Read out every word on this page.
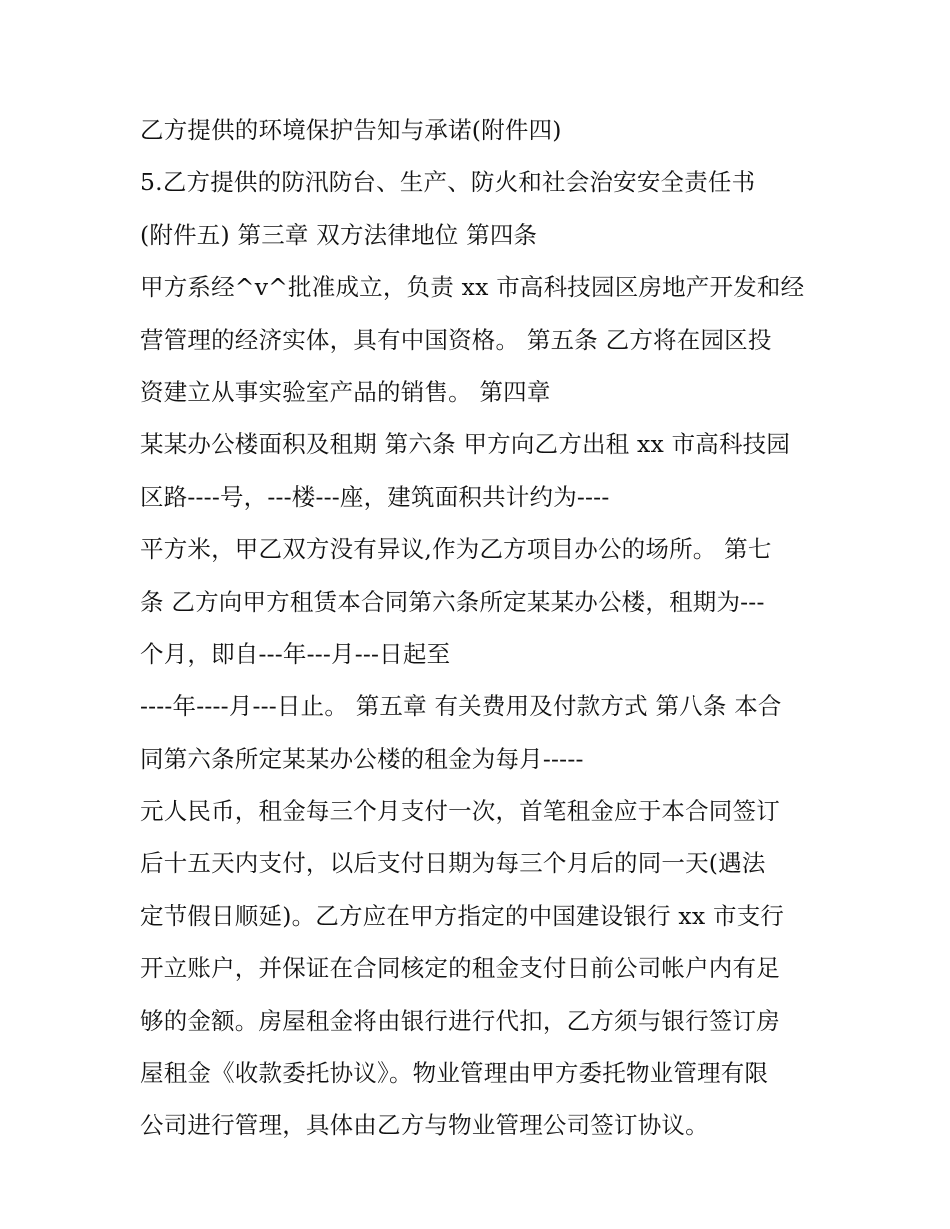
乙方提供的环境保护告知与承诺(附件四)
5.乙方提供的防汛防台、生产、防火和社会治安安全责任书
(附件五) 第三章 双方法律地位 第四条
甲方系经^v^批准成立，负责 xx 市高科技园区房地产开发和经
营管理的经济实体，具有中国资格。 第五条 乙方将在园区投
资建立从事实验室产品的销售。 第四章
某某办公楼面积及租期 第六条 甲方向乙方出租 xx 市高科技园
区路----号，---楼---座，建筑面积共计约为----
平方米，甲乙双方没有异议,作为乙方项目办公的场所。 第七
条 乙方向甲方租赁本合同第六条所定某某办公楼，租期为---
个月，即自---年---月---日起至
----年----月---日止。 第五章 有关费用及付款方式 第八条 本合
同第六条所定某某办公楼的租金为每月-----
元人民币，租金每三个月支付一次，首笔租金应于本合同签订
后十五天内支付，以后支付日期为每三个月后的同一天(遇法
定节假日顺延)。乙方应在甲方指定的中国建设银行 xx 市支行
开立账户，并保证在合同核定的租金支付日前公司帐户内有足
够的金额。房屋租金将由银行进行代扣，乙方须与银行签订房
屋租金《收款委托协议》。物业管理由甲方委托物业管理有限
公司进行管理，具体由乙方与物业管理公司签订协议。
